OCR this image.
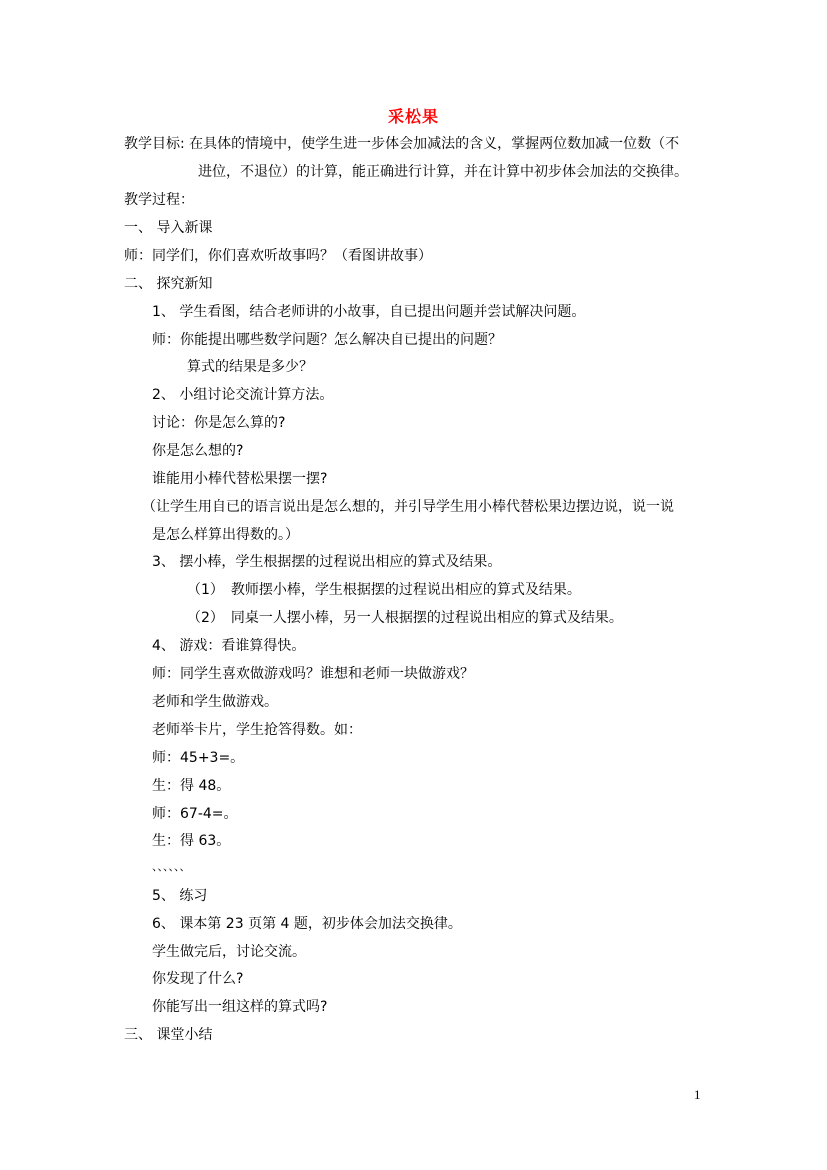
采松果
教学目标: 在具体的情境中，使学生进一步体会加减法的含义，掌握两位数加减一位数（不
进位，不退位）的计算，能正确进行计算，并在计算中初步体会加法的交换律。
教学过程：
一、 导入新课
师：同学们，你们喜欢听故事吗？（看图讲故事）
二、 探究新知
1、 学生看图，结合老师讲的小故事，自已提出问题并尝试解决问题。
师：你能提出哪些数学问题？怎么解决自已提出的问题？
算式的结果是多少？
2、 小组讨论交流计算方法。
讨论：你是怎么算的?
你是怎么想的?
谁能用小棒代替松果摆一摆?
（让学生用自已的语言说出是怎么想的，并引导学生用小棒代替松果边摆边说，说一说
是怎么样算出得数的。）
3、 摆小棒，学生根据摆的过程说出相应的算式及结果。
（1）　教师摆小棒，学生根据摆的过程说出相应的算式及结果。
（2）　同桌一人摆小棒，另一人根据摆的过程说出相应的算式及结果。
4、 游戏：看谁算得快。
师：同学生喜欢做游戏吗？谁想和老师一块做游戏？
老师和学生做游戏。
老师举卡片，学生抢答得数。如：
师：45+3=。
生：得 48。
师：67-4=。
生：得 63。
、、、、、、
5、 练习
6、 课本第 23 页第 4 题，初步体会加法交换律。
学生做完后，讨论交流。
你发现了什么?
你能写出一组这样的算式吗?
三、 课堂小结
1
